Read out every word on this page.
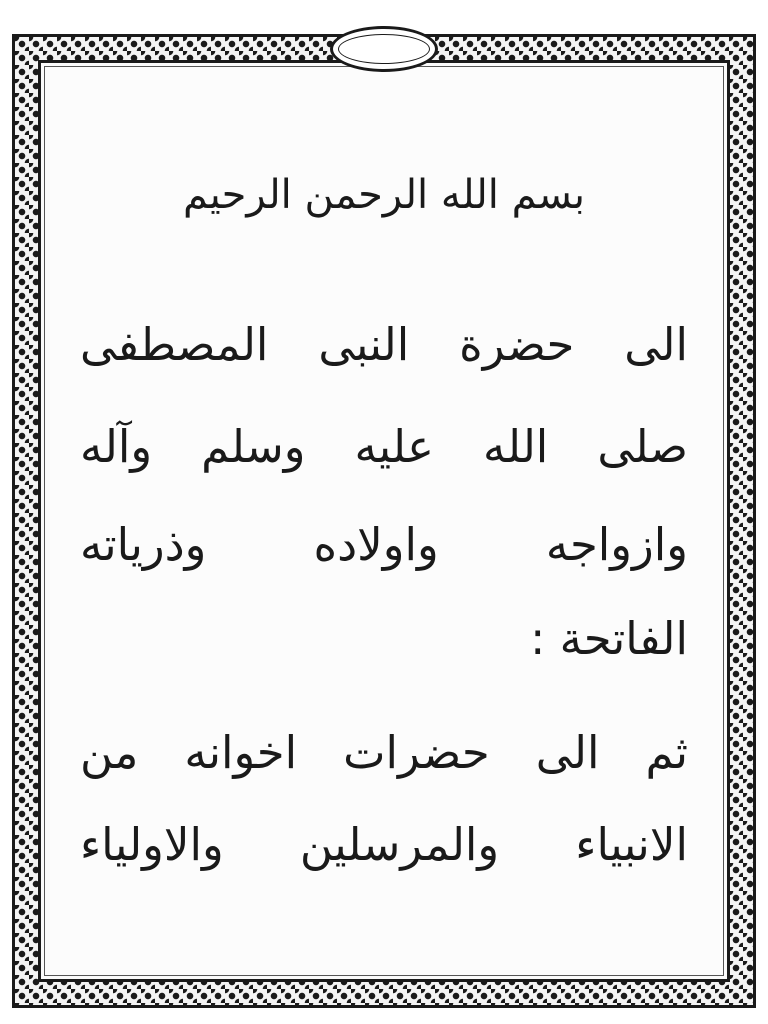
بسم الله الرحمن الرحيم
الى حضرة النبى المصطفى
صلى الله عليه وسلم وآله
وازواجه واولاده وذرياته
الفاتحة :
ثم الى حضرات اخوانه من
الانبياء والمرسلين والاولياء
